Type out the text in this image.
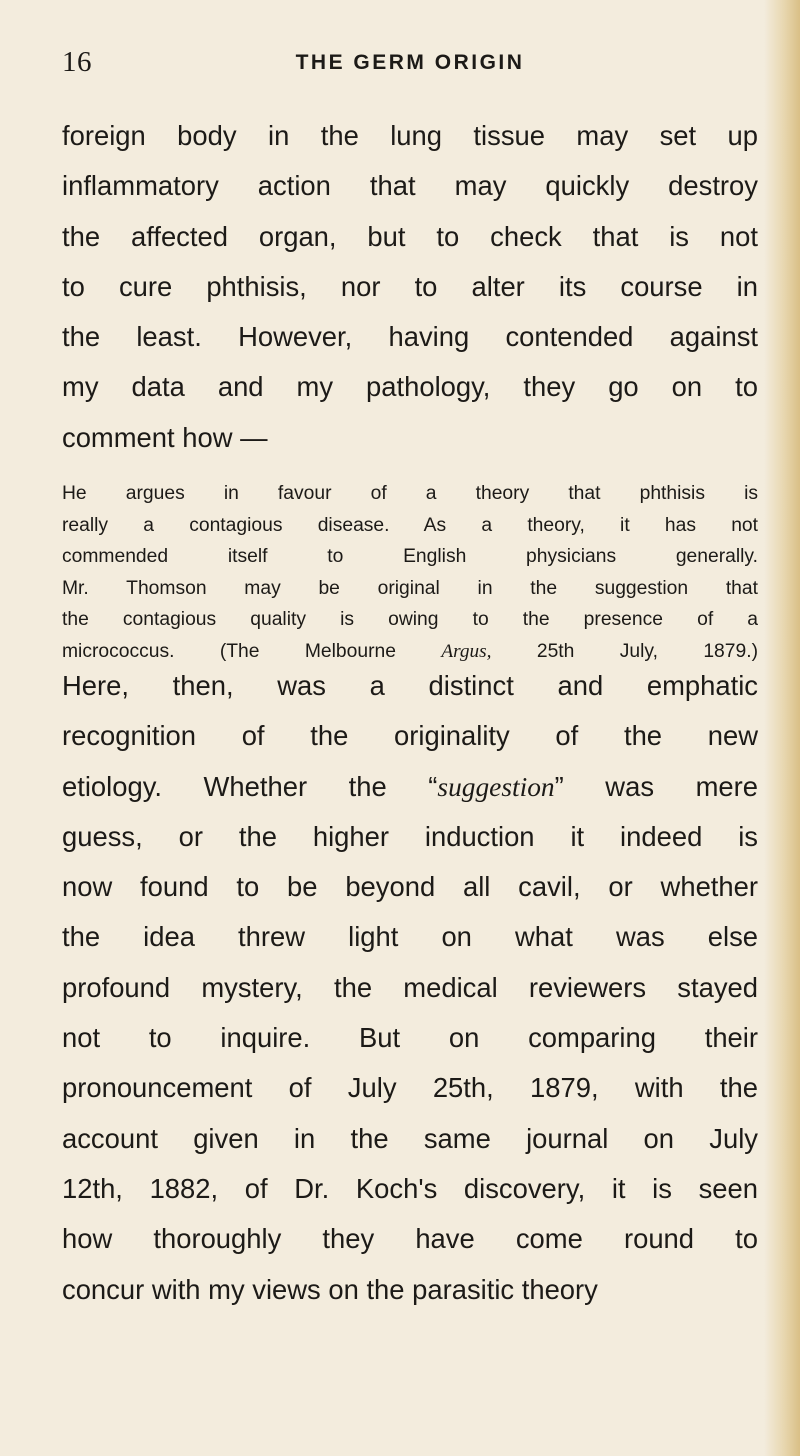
16	THE GERM ORIGIN

foreign body in the lung tissue may set up
inflammatory action that may quickly destroy
the affected organ, but to check that is not
to cure phthisis, nor to alter its course in
the least. However, having contended against
my data and my pathology, they go on to
comment how —

He argues in favour of a theory that phthisis is
really a contagious disease. As a theory, it has not
commended itself to English physicians generally.
Mr. Thomson may be original in the suggestion that
the contagious quality is owing to the presence of a
micrococcus. (The Melbourne Argus, 25th July, 1879.)

Here, then, was a distinct and emphatic
recognition of the originality of the new
etiology. Whether the “suggestion” was mere
guess, or the higher induction it indeed is
now found to be beyond all cavil, or whether
the idea threw light on what was else
profound mystery, the medical reviewers stayed
not to inquire. But on comparing their
pronouncement of July 25th, 1879, with the
account given in the same journal on July
12th, 1882, of Dr. Koch's discovery, it is seen
how thoroughly they have come round to
concur with my views on the parasitic theory
